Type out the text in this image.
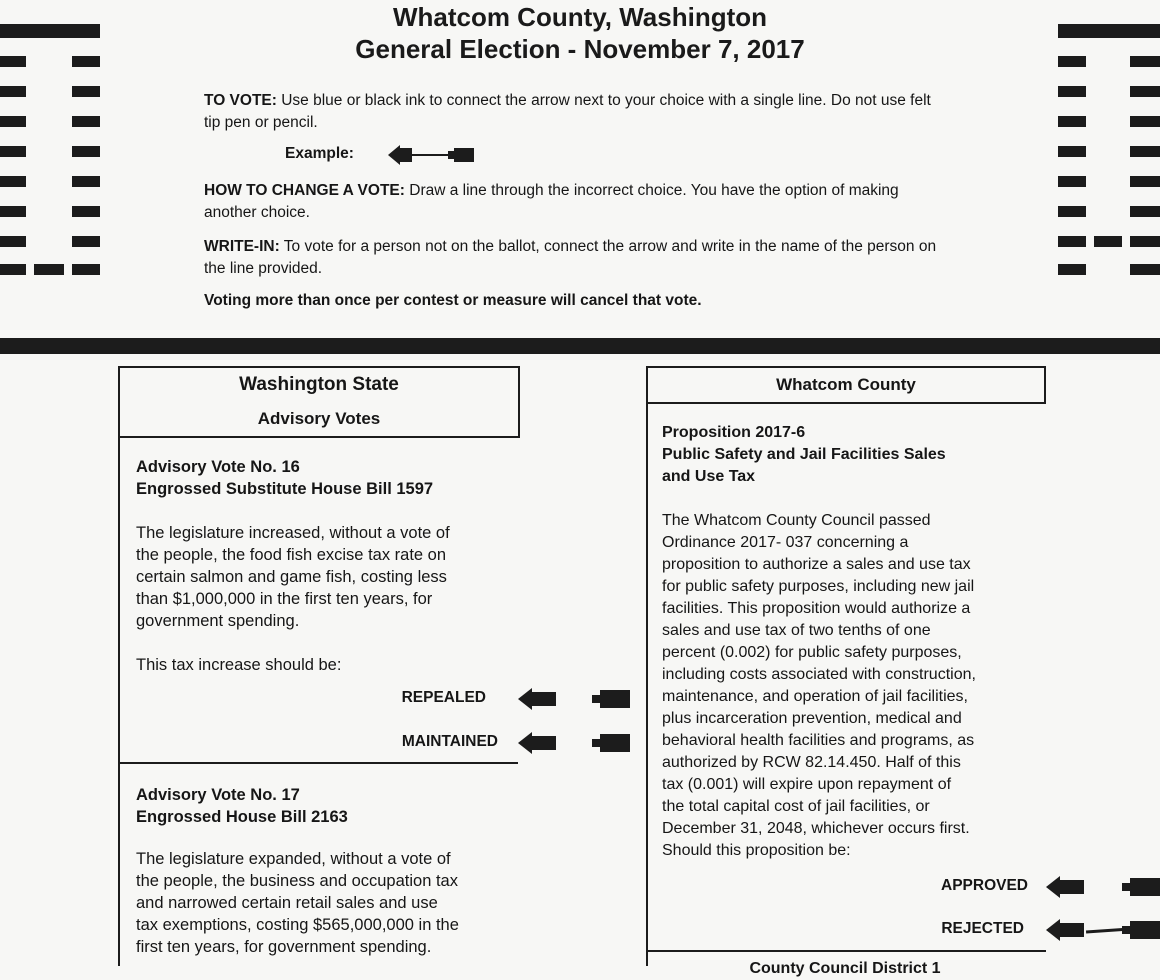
Whatcom County, Washington
General Election - November 7, 2017
TO VOTE: Use blue or black ink to connect the arrow next to your choice with a single line. Do not use felt tip pen or pencil.
Example:
HOW TO CHANGE A VOTE: Draw a line through the incorrect choice. You have the option of making another choice.
WRITE-IN: To vote for a person not on the ballot, connect the arrow and write in the name of the person on the line provided.
Voting more than once per contest or measure will cancel that vote.
Washington State
Advisory Votes
Advisory Vote No. 16
Engrossed Substitute House Bill 1597
The legislature increased, without a vote of
the people, the food fish excise tax rate on
certain salmon and game fish, costing less
than $1,000,000 in the first ten years, for
government spending.
This tax increase should be:
REPEALED
MAINTAINED
Advisory Vote No. 17
Engrossed House Bill 2163
The legislature expanded, without a vote of
the people, the business and occupation tax
and narrowed certain retail sales and use
tax exemptions, costing $565,000,000 in the
first ten years, for government spending.
Whatcom County
Proposition 2017-6
Public Safety and Jail Facilities Sales
and Use Tax
The Whatcom County Council passed
Ordinance 2017- 037 concerning a
proposition to authorize a sales and use tax
for public safety purposes, including new jail
facilities. This proposition would authorize a
sales and use tax of two tenths of one
percent (0.002) for public safety purposes,
including costs associated with construction,
maintenance, and operation of jail facilities,
plus incarceration prevention, medical and
behavioral health facilities and programs, as
authorized by RCW 82.14.450. Half of this
tax (0.001) will expire upon repayment of
the total capital cost of jail facilities, or
December 31, 2048, whichever occurs first.
Should this proposition be:
APPROVED
REJECTED
County Council District 1
